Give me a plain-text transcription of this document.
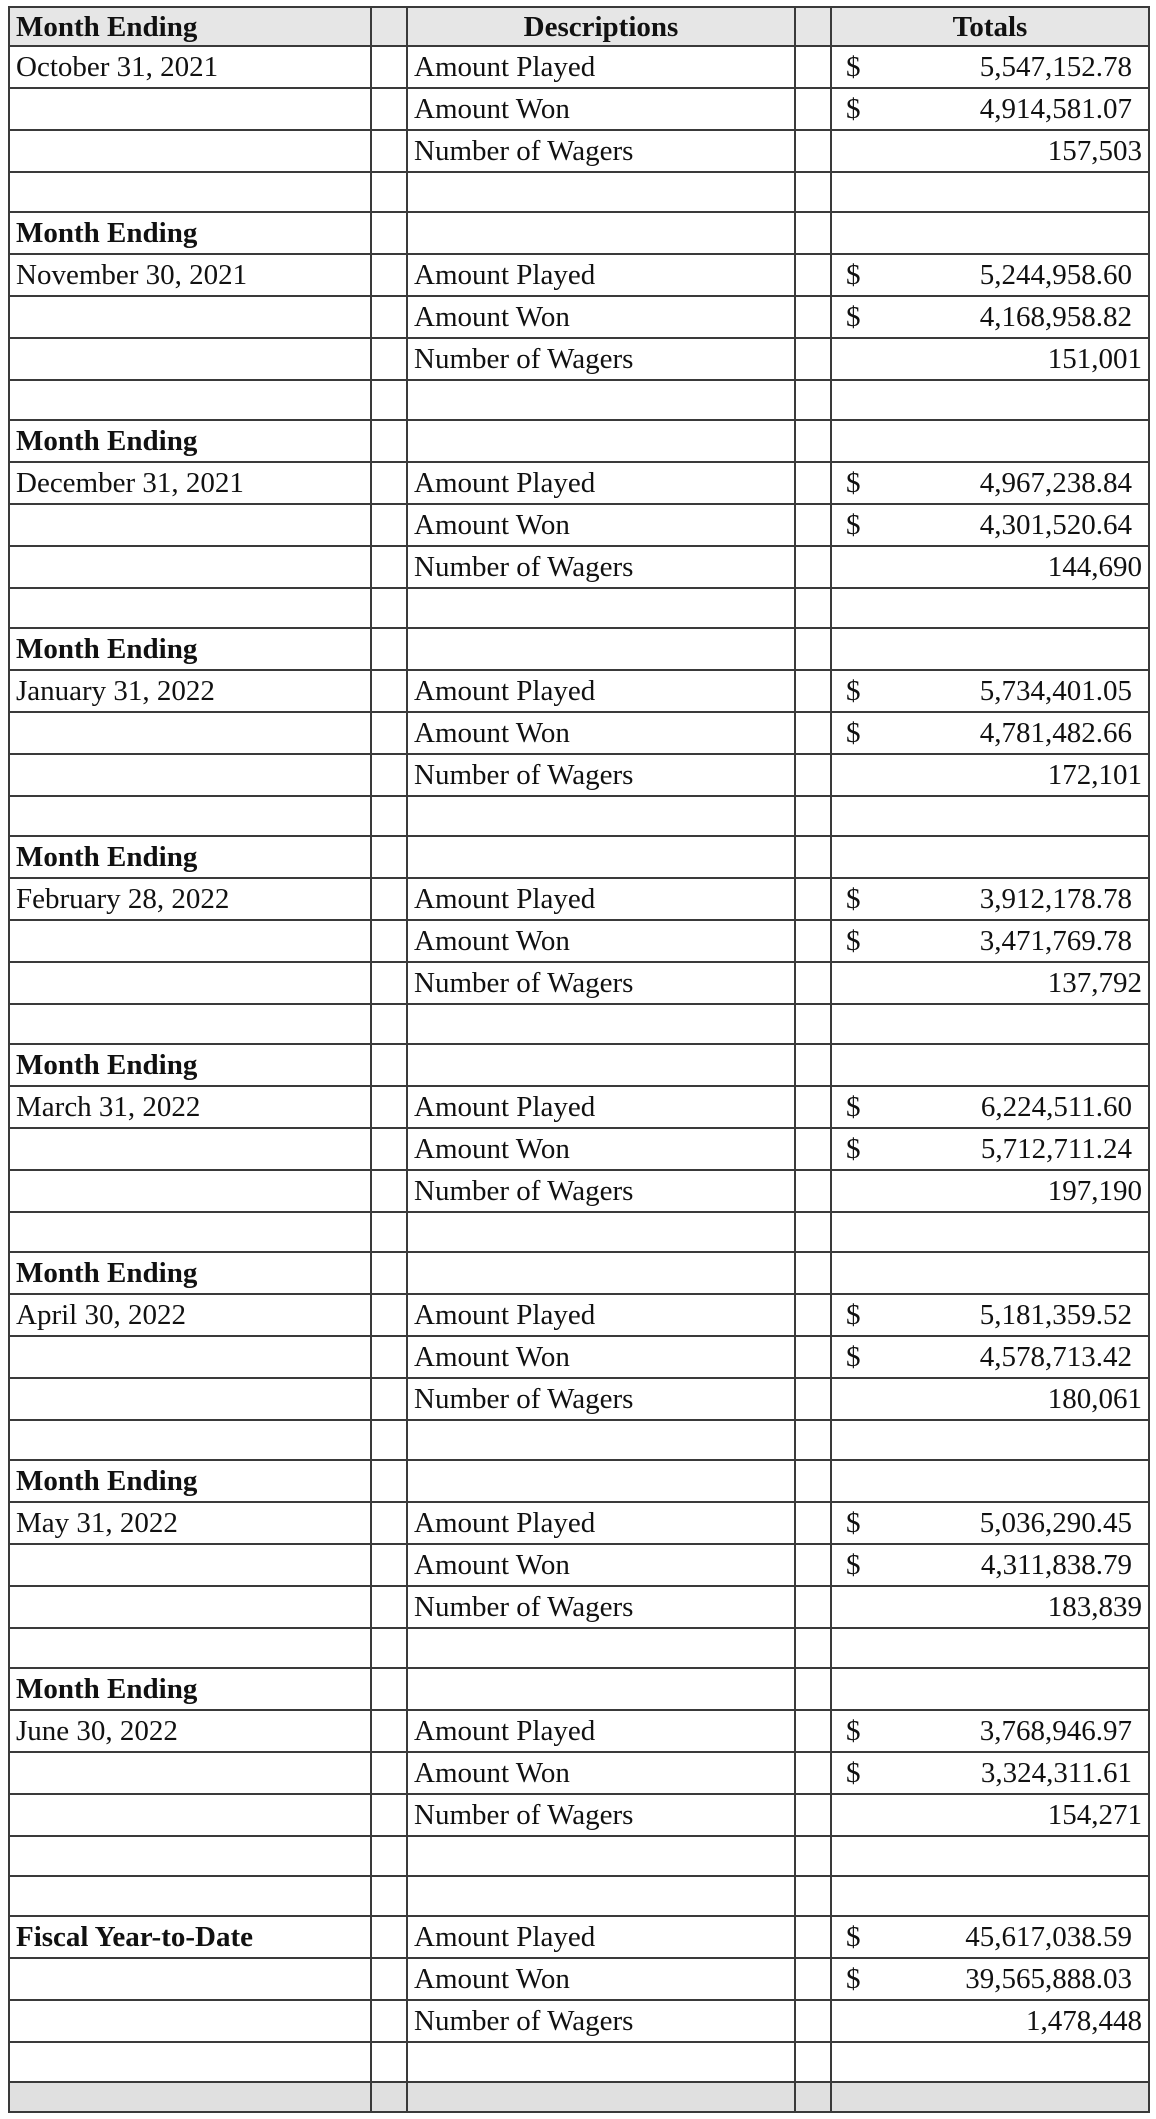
Month Ending		Descriptions		Totals
October 31, 2021		Amount Played		$ 5,547,152.78

		Amount Won		$ 4,914,581.07

		Number of Wagers		157,503

Month Ending				
November 30, 2021		Amount Played		$ 5,244,958.60

		Amount Won		$ 4,168,958.82

		Number of Wagers		151,001

Month Ending				
December 31, 2021		Amount Played		$ 4,967,238.84

		Amount Won		$ 4,301,520.64

		Number of Wagers		144,690

Month Ending				
January 31, 2022		Amount Played		$ 5,734,401.05

		Amount Won		$ 4,781,482.66

		Number of Wagers		172,101

Month Ending				
February 28, 2022		Amount Played		$ 3,912,178.78

		Amount Won		$ 3,471,769.78

		Number of Wagers		137,792

Month Ending				
March 31, 2022		Amount Played		$ 6,224,511.60

		Amount Won		$ 5,712,711.24

		Number of Wagers		197,190

Month Ending				
April 30, 2022		Amount Played		$ 5,181,359.52

		Amount Won		$ 4,578,713.42

		Number of Wagers		180,061

Month Ending				
May 31, 2022		Amount Played		$ 5,036,290.45

		Amount Won		$ 4,311,838.79

		Number of Wagers		183,839

Month Ending				
June 30, 2022		Amount Played		$ 3,768,946.97

		Amount Won		$ 3,324,311.61

		Number of Wagers		154,271

Fiscal Year-to-Date		Amount Played		$ 45,617,038.59

		Amount Won		$ 39,565,888.03

		Number of Wagers		1,478,448
